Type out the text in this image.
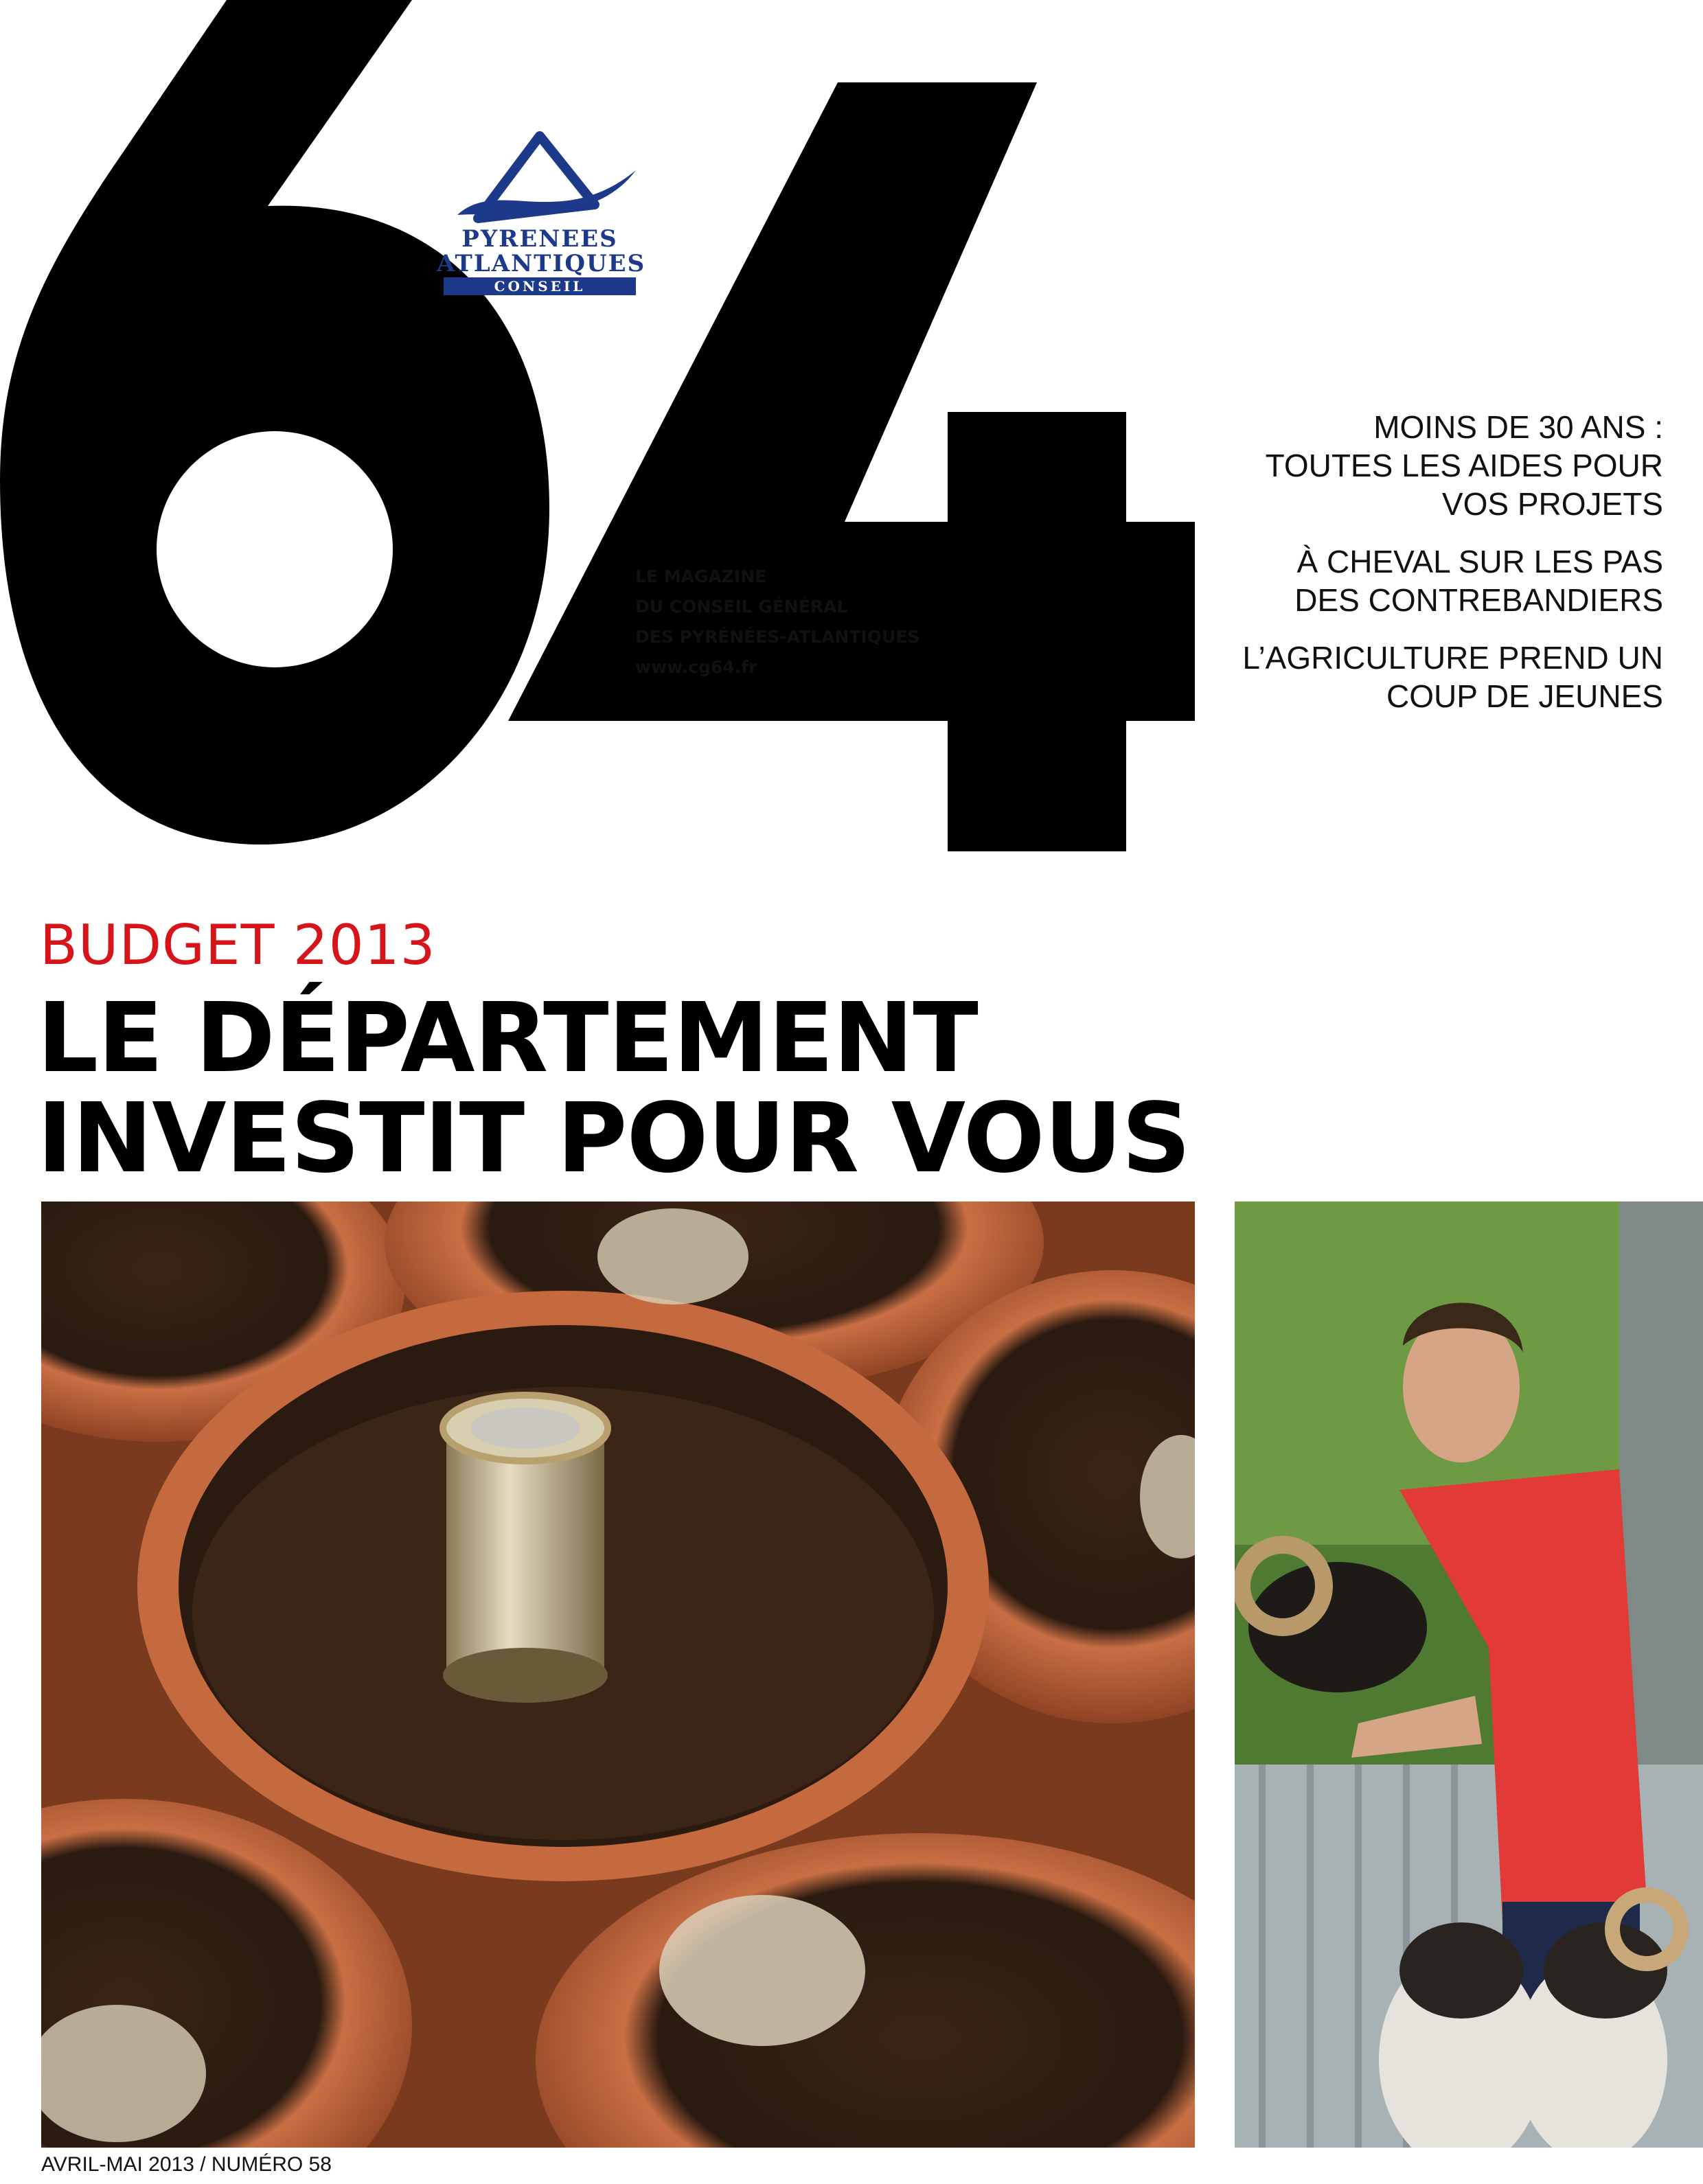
PYRENEES
ATLANTIQUES
CONSEIL GENERAL
LE MAGAZINE
DU CONSEIL GÉNÉRAL
DES PYRÉNÉES-ATLANTIQUES
www.cg64.fr
MOINS DE 30 ANS :
TOUTES LES AIDES POUR
VOS PROJETS
À CHEVAL SUR LES PAS
DES CONTREBANDIERS
L’AGRICULTURE PREND UN
COUP DE JEUNES
BUDGET 2013
LE DÉPARTEMENT
INVESTIT POUR VOUS
AVRIL-MAI 2013 / NUMÉRO 58
